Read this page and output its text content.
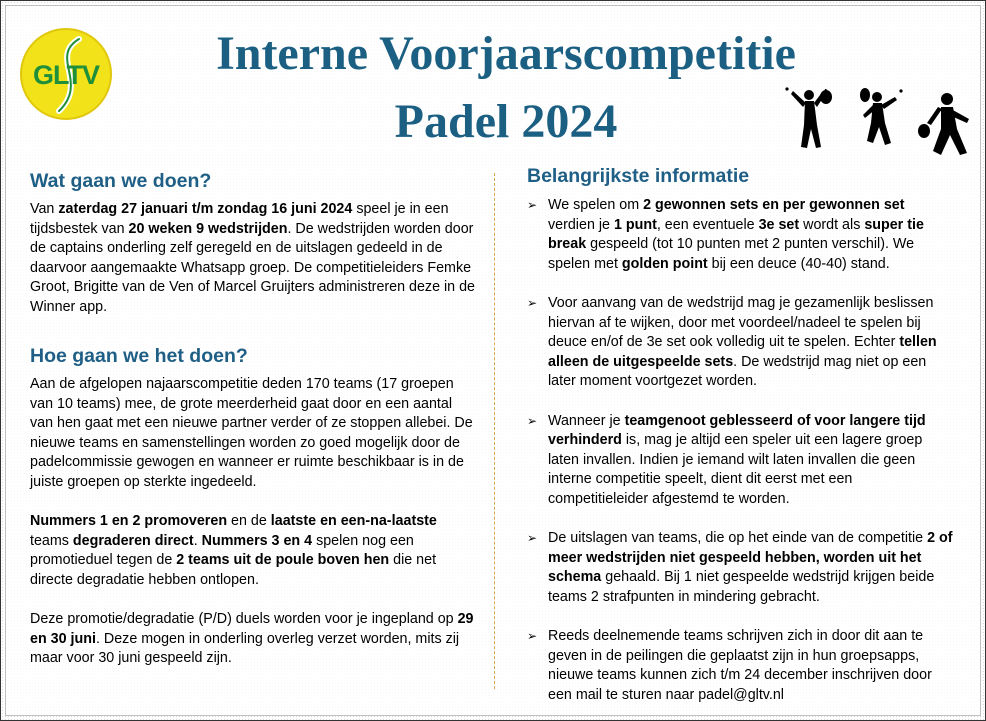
GLTV	Interne Voorjaarscompetitie
Padel 2024
Wat gaan we doen?

Van zaterdag 27 januari t/m zondag 16 juni 2024 speel je in een tijdsbestek van 20 weken 9 wedstrijden. De wedstrijden worden door de captains onderling zelf geregeld en de uitslagen gedeeld in de daarvoor aangemaakte Whatsapp groep. De competitieleiders Femke Groot, Brigitte van de Ven of Marcel Gruijters administreren deze in de Winner app.

Hoe gaan we het doen?

Aan de afgelopen najaarscompetitie deden 170 teams (17 groepen van 10 teams) mee, de grote meerderheid gaat door en een aantal van hen gaat met een nieuwe partner verder of ze stoppen allebei. De nieuwe teams en samenstellingen worden zo goed mogelijk door de padelcommissie gewogen en wanneer er ruimte beschikbaar is in de juiste groepen op sterkte ingedeeld.

Nummers 1 en 2 promoveren en de laatste en een-na-laatste teams degraderen direct. Nummers 3 en 4 spelen nog een promotieduel tegen de 2 teams uit de poule boven hen die net directe degradatie hebben ontlopen.

Deze promotie/degradatie (P/D) duels worden voor je ingepland op 29 en 30 juni. Deze mogen in onderling overleg verzet worden, mits zij maar voor 30 juni gespeeld zijn.

Belangrijkste informatie
➢ We spelen om 2 gewonnen sets en per gewonnen set verdien je 1 punt, een eventuele 3e set wordt als super tie break gespeeld (tot 10 punten met 2 punten verschil). We spelen met golden point bij een deuce (40-40) stand.
➢ Voor aanvang van de wedstrijd mag je gezamenlijk beslissen hiervan af te wijken, door met voordeel/nadeel te spelen bij deuce en/of de 3e set ook volledig uit te spelen. Echter tellen alleen de uitgespeelde sets. De wedstrijd mag niet op een later moment voortgezet worden.
➢ Wanneer je teamgenoot geblesseerd of voor langere tijd verhinderd is, mag je altijd een speler uit een lagere groep laten invallen. Indien je iemand wilt laten invallen die geen interne competitie speelt, dient dit eerst met een competitieleider afgestemd te worden.
➢ De uitslagen van teams, die op het einde van de competitie 2 of meer wedstrijden niet gespeeld hebben, worden uit het schema gehaald. Bij 1 niet gespeelde wedstrijd krijgen beide teams 2 strafpunten in mindering gebracht.
➢ Reeds deelnemende teams schrijven zich in door dit aan te geven in de peilingen die geplaatst zijn in hun groepsapps, nieuwe teams kunnen zich t/m 24 december inschrijven door een mail te sturen naar padel@gltv.nl
